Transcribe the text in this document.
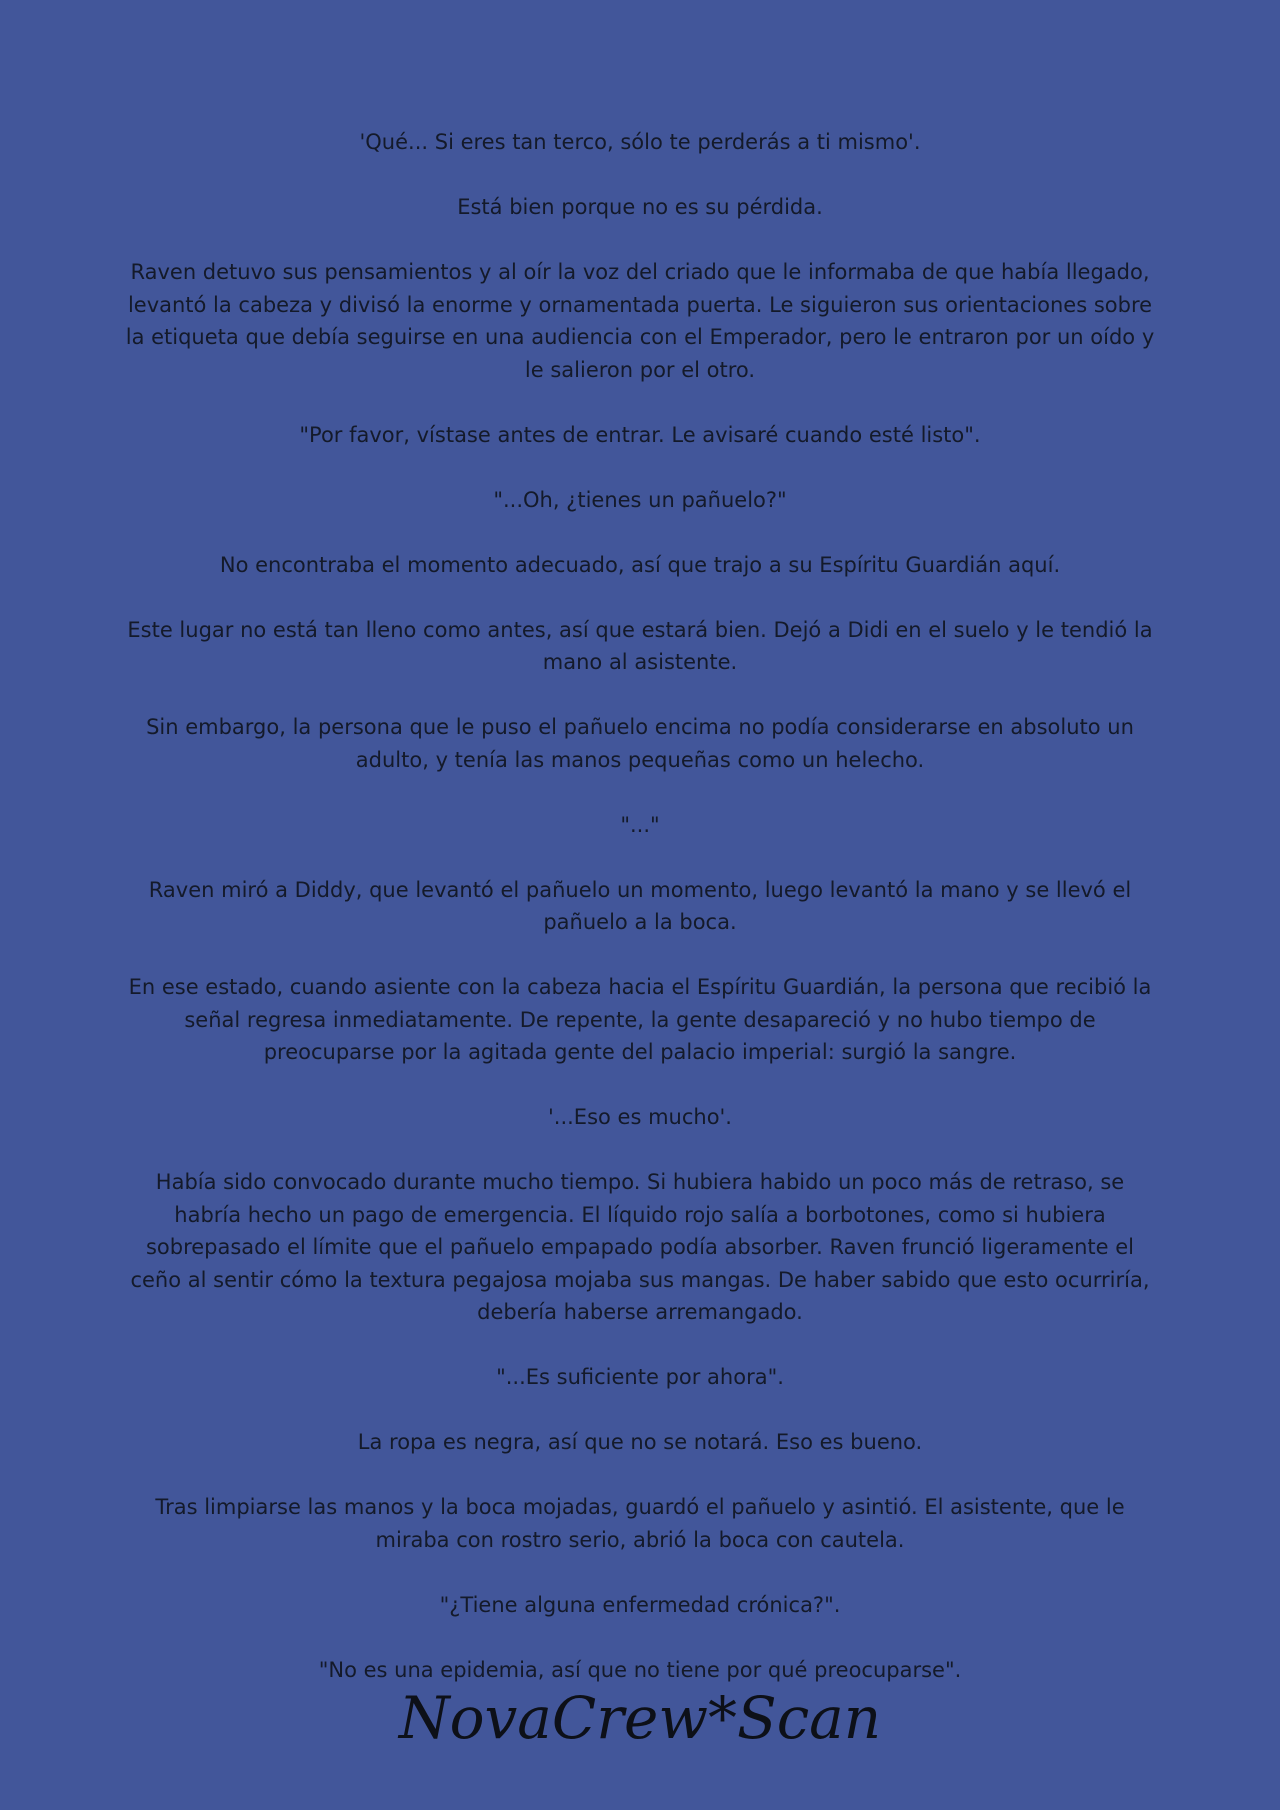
'Qué... Si eres tan terco, sólo te perderás a ti mismo'.

Está bien porque no es su pérdida.

Raven detuvo sus pensamientos y al oír la voz del criado que le informaba de que había llegado, levantó la cabeza y divisó la enorme y ornamentada puerta. Le siguieron sus orientaciones sobre la etiqueta que debía seguirse en una audiencia con el Emperador, pero le entraron por un oído y le salieron por el otro.

"Por favor, vístase antes de entrar. Le avisaré cuando esté listo".

"...Oh, ¿tienes un pañuelo?"

No encontraba el momento adecuado, así que trajo a su Espíritu Guardián aquí.

Este lugar no está tan lleno como antes, así que estará bien. Dejó a Didi en el suelo y le tendió la mano al asistente.

Sin embargo, la persona que le puso el pañuelo encima no podía considerarse en absoluto un adulto, y tenía las manos pequeñas como un helecho.

"..."

Raven miró a Diddy, que levantó el pañuelo un momento, luego levantó la mano y se llevó el pañuelo a la boca.

En ese estado, cuando asiente con la cabeza hacia el Espíritu Guardián, la persona que recibió la señal regresa inmediatamente. De repente, la gente desapareció y no hubo tiempo de preocuparse por la agitada gente del palacio imperial: surgió la sangre.

'...Eso es mucho'.

Había sido convocado durante mucho tiempo. Si hubiera habido un poco más de retraso, se habría hecho un pago de emergencia. El líquido rojo salía a borbotones, como si hubiera sobrepasado el límite que el pañuelo empapado podía absorber. Raven frunció ligeramente el ceño al sentir cómo la textura pegajosa mojaba sus mangas. De haber sabido que esto ocurriría, debería haberse arremangado.

"...Es suficiente por ahora".

La ropa es negra, así que no se notará. Eso es bueno.

Tras limpiarse las manos y la boca mojadas, guardó el pañuelo y asintió. El asistente, que le miraba con rostro serio, abrió la boca con cautela.

"¿Tiene alguna enfermedad crónica?".

"No es una epidemia, así que no tiene por qué preocuparse".

NovaCrew*Scan
